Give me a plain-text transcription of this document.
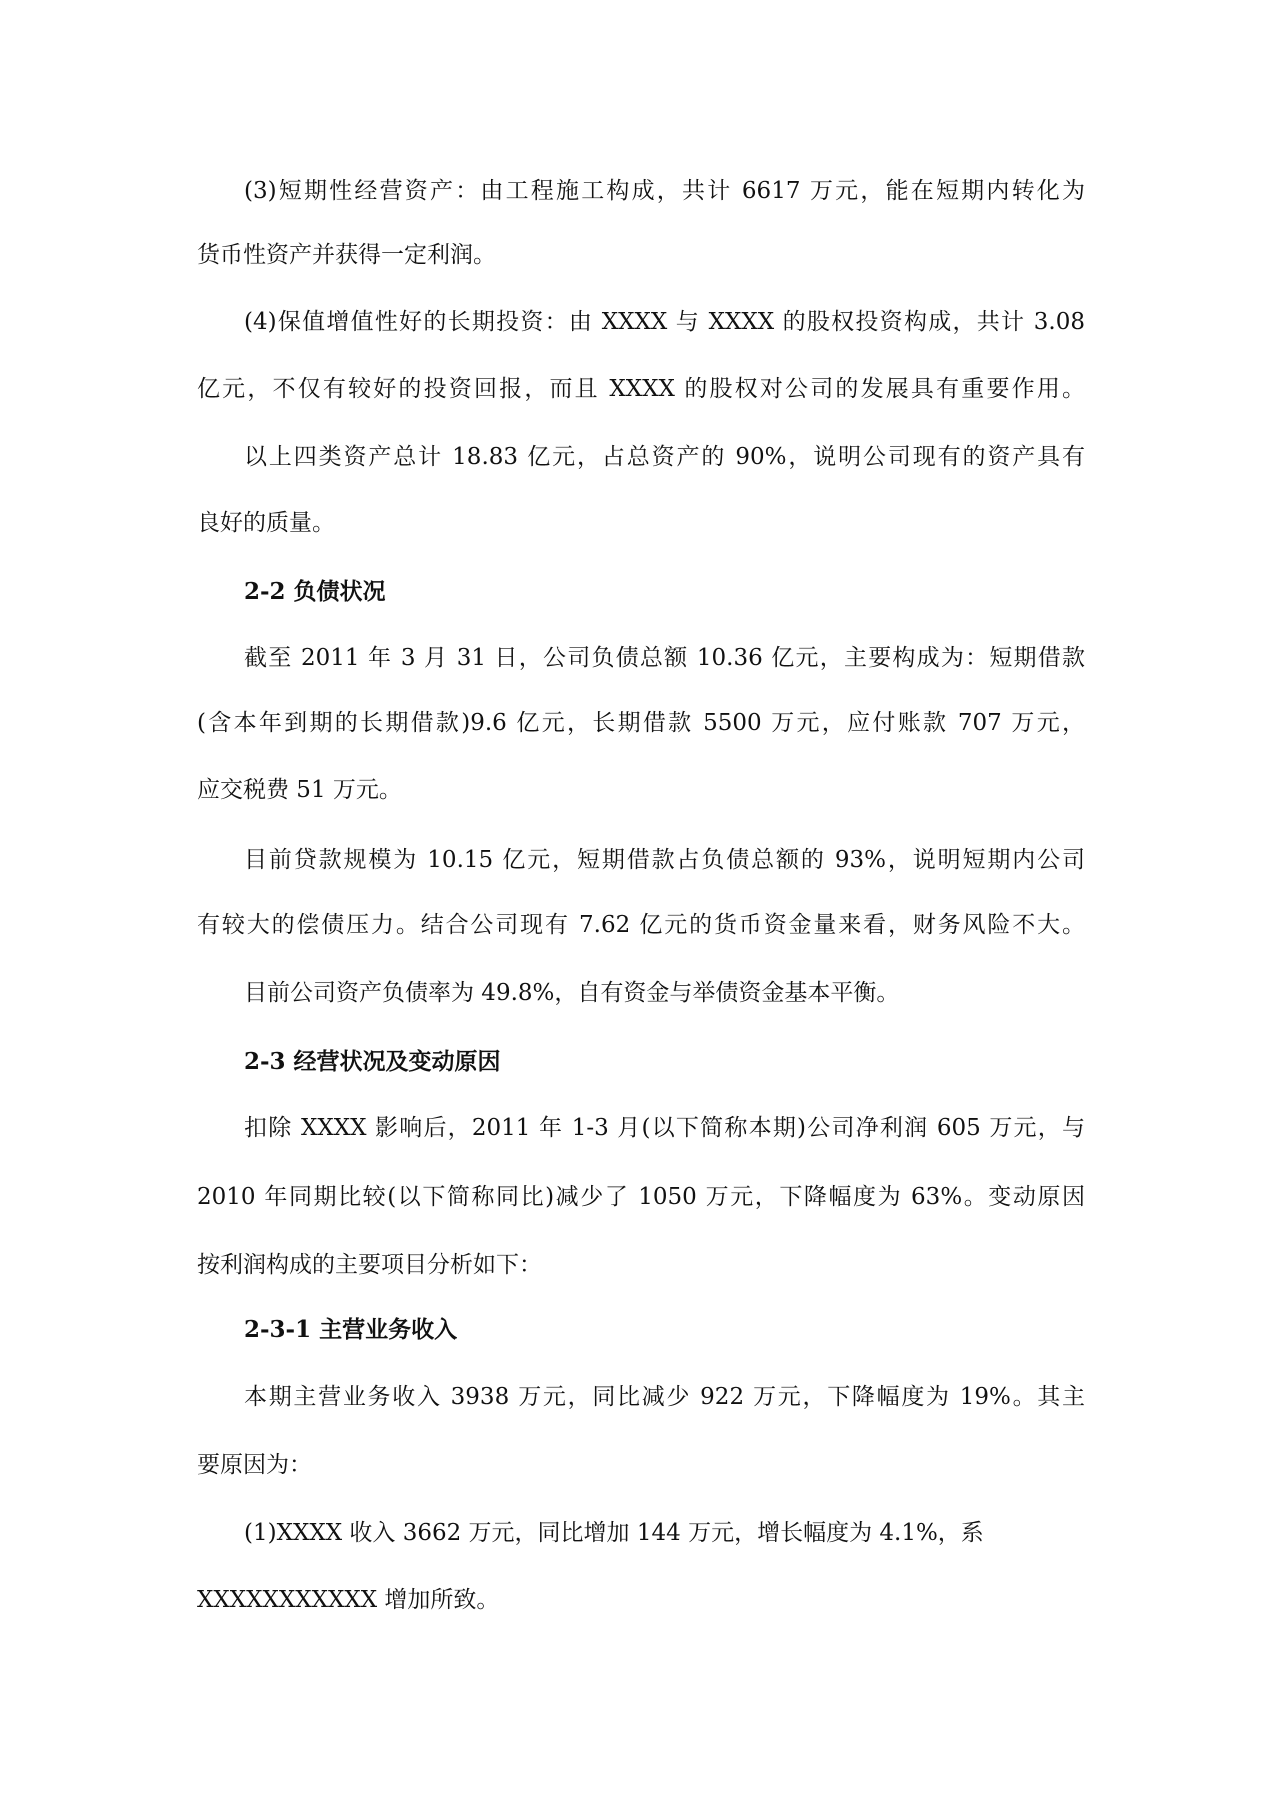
(3)短期性经营资产：由工程施工构成，共计 6617 万元，能在短期内转化为
货币性资产并获得一定利润。
(4)保值增值性好的长期投资：由 XXXX 与 XXXX 的股权投资构成，共计 3.08
亿元，不仅有较好的投资回报，而且 XXXX 的股权对公司的发展具有重要作用。
以上四类资产总计 18.83 亿元，占总资产的 90%，说明公司现有的资产具有
良好的质量。
2-2 负债状况
截至 2011 年 3 月 31 日，公司负债总额 10.36 亿元，主要构成为：短期借款
(含本年到期的长期借款)9.6 亿元，长期借款 5500 万元，应付账款 707 万元，
应交税费 51 万元。
目前贷款规模为 10.15 亿元，短期借款占负债总额的 93%，说明短期内公司
有较大的偿债压力。结合公司现有 7.62 亿元的货币资金量来看，财务风险不大。
目前公司资产负债率为 49.8%，自有资金与举债资金基本平衡。
2-3 经营状况及变动原因
扣除 XXXX 影响后，2011 年 1-3 月(以下简称本期)公司净利润 605 万元，与
2010 年同期比较(以下简称同比)减少了 1050 万元，下降幅度为 63%。变动原因
按利润构成的主要项目分析如下：
2-3-1 主营业务收入
本期主营业务收入 3938 万元，同比减少 922 万元，下降幅度为 19%。其主
要原因为：
(1)XXXX 收入 3662 万元，同比增加 144 万元，增长幅度为 4.1%，系
XXXXXXXXXXX 增加所致。
